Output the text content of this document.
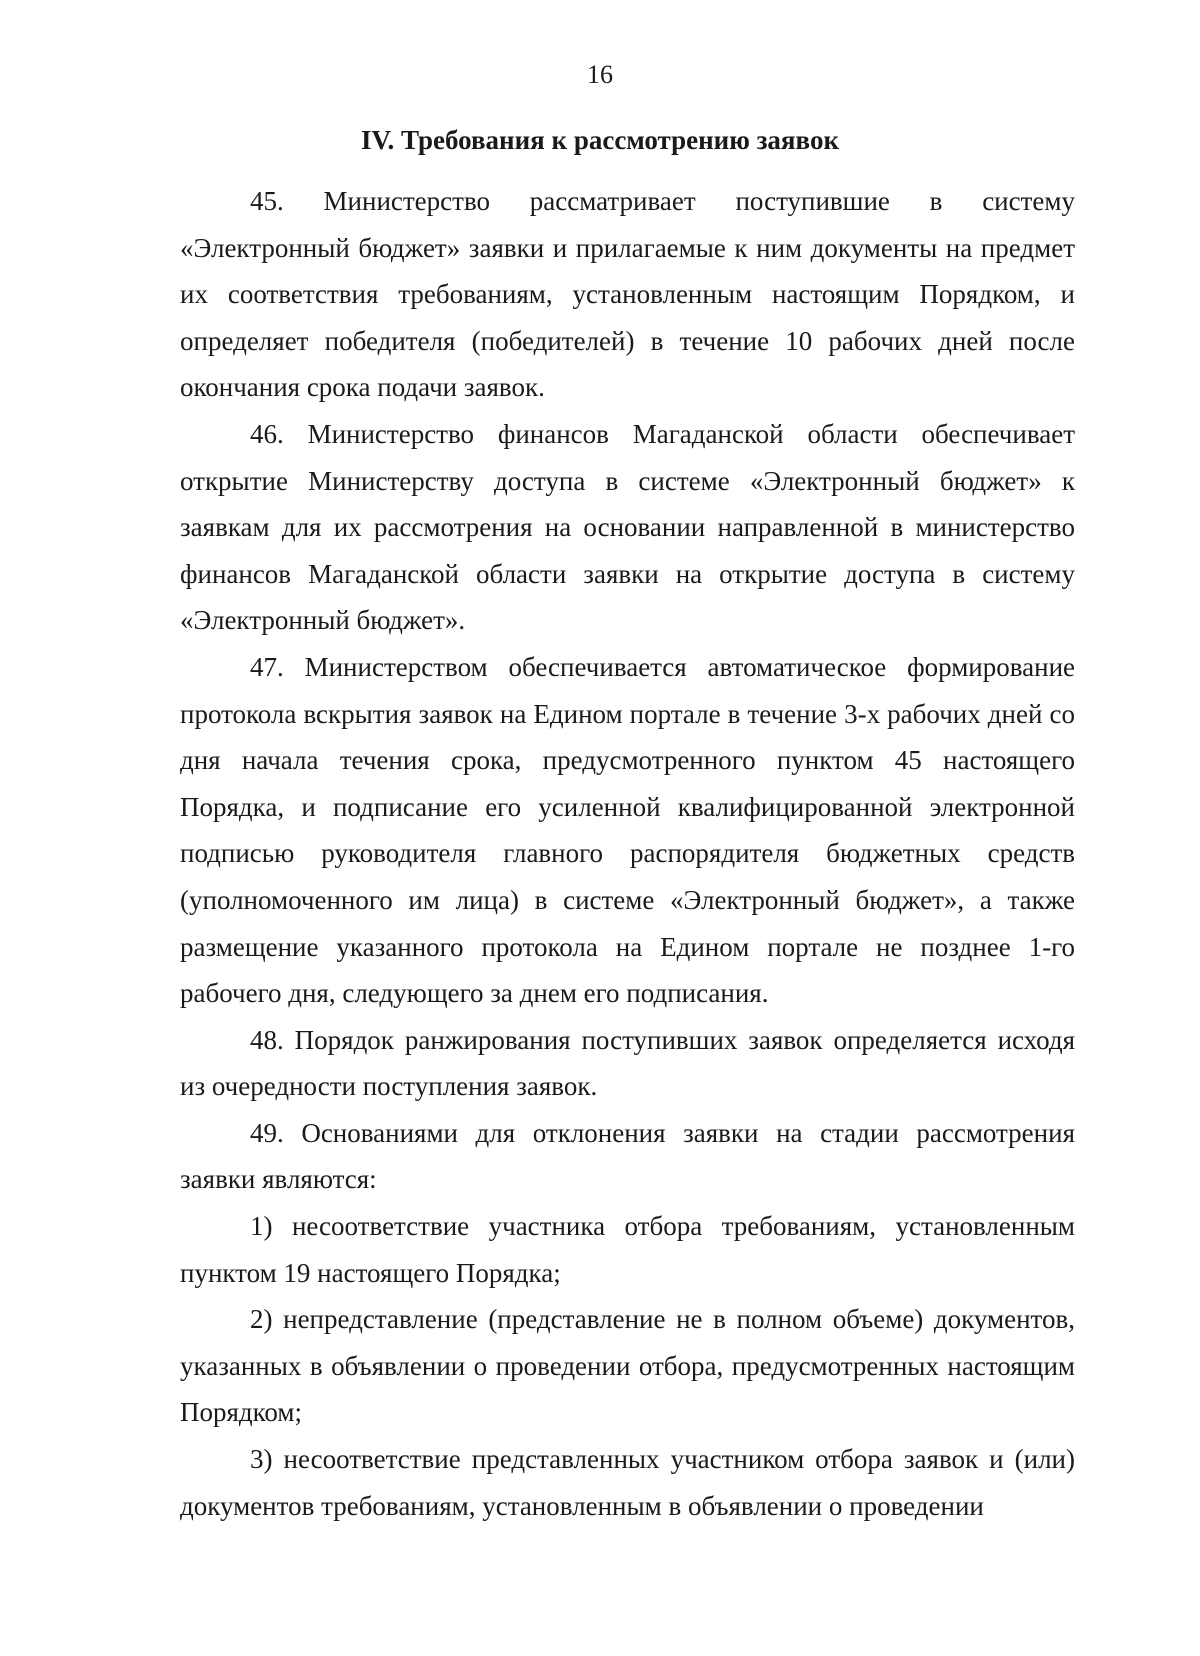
16
IV. Требования к рассмотрению заявок

45. Министерство рассматривает поступившие в систему «Электронный бюджет» заявки и прилагаемые к ним документы на предмет их соответствия требованиям, установленным настоящим Порядком, и определяет победителя (победителей) в течение 10 рабочих дней после окончания срока подачи заявок.

46. Министерство финансов Магаданской области обеспечивает открытие Министерству доступа в системе «Электронный бюджет» к заявкам для их рассмотрения на основании направленной в министерство финансов Магаданской области заявки на открытие доступа в систему «Электронный бюджет».

47. Министерством обеспечивается автоматическое формирование протокола вскрытия заявок на Едином портале в течение 3-х рабочих дней со дня начала течения срока, предусмотренного пунктом 45 настоящего Порядка, и подписание его усиленной квалифицированной электронной подписью руководителя главного распорядителя бюджетных средств (уполномоченного им лица) в системе «Электронный бюджет», а также размещение указанного протокола на Едином портале не позднее 1-го рабочего дня, следующего за днем его подписания.

48. Порядок ранжирования поступивших заявок определяется исходя из очередности поступления заявок.

49. Основаниями для отклонения заявки на стадии рассмотрения заявки являются:

1) несоответствие участника отбора требованиям, установленным пунктом 19 настоящего Порядка;

2) непредставление (представление не в полном объеме) документов, указанных в объявлении о проведении отбора, предусмотренных настоящим Порядком;

3) несоответствие представленных участником отбора заявок и (или) документов требованиям, установленным в объявлении о проведении
